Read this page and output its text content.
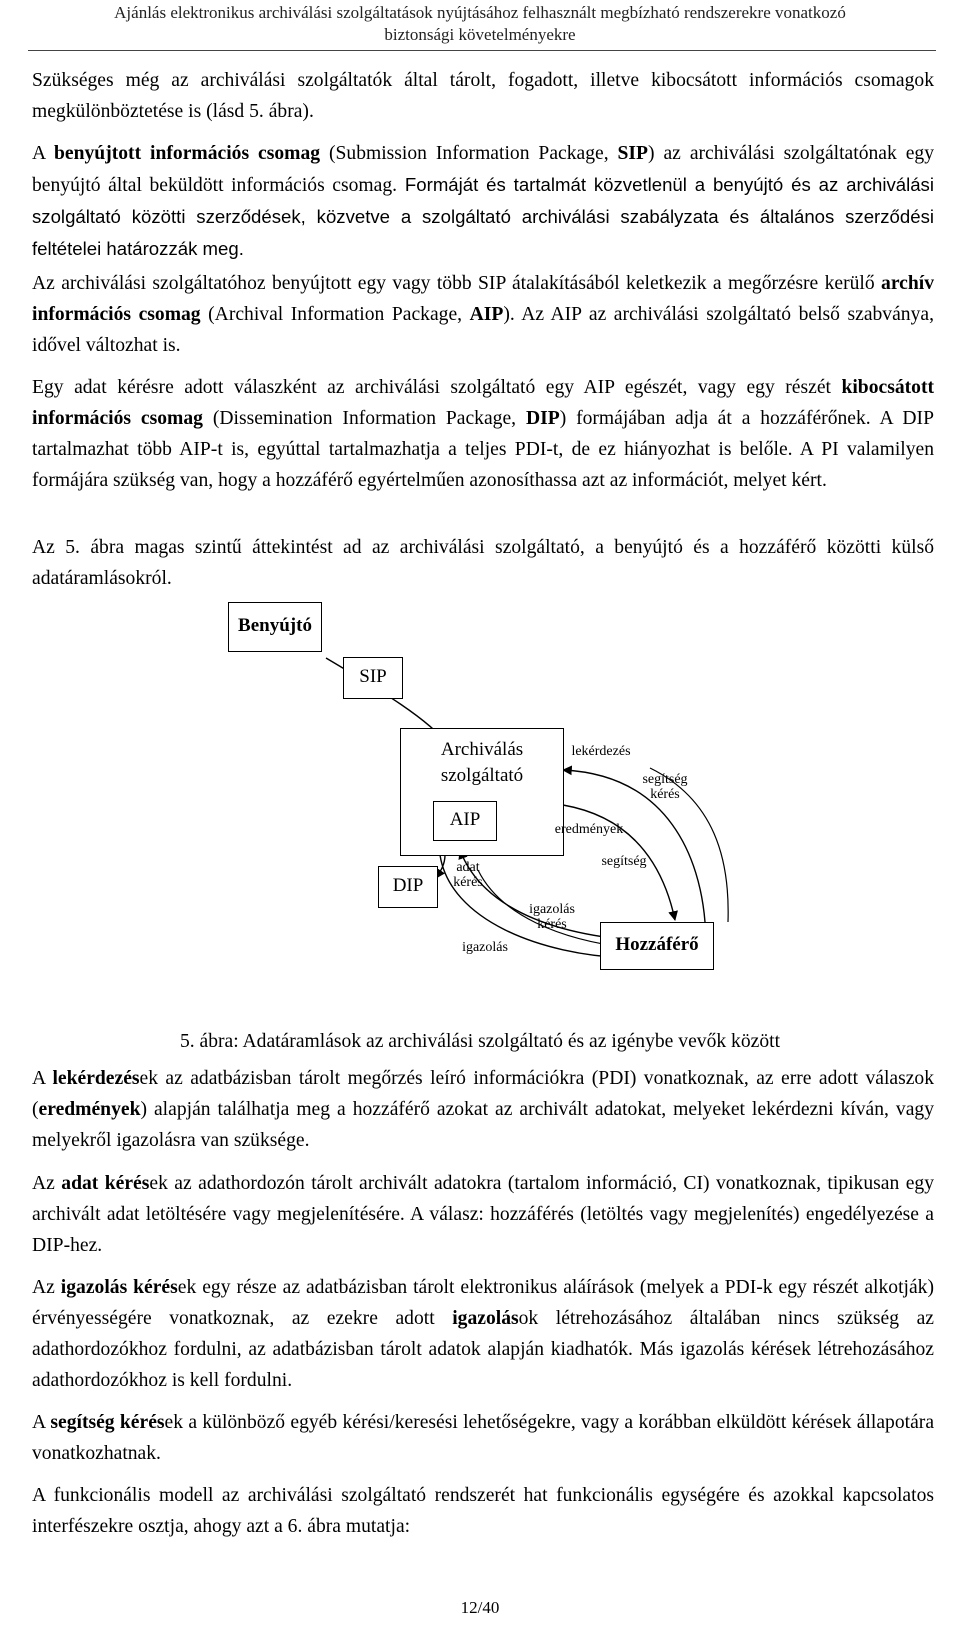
Ajánlás elektronikus archiválási szolgáltatások nyújtásához felhasznált megbízható rendszerekre vonatkozó
biztonsági követelményekre

Szükséges még az archiválási szolgáltatók által tárolt, fogadott, illetve kibocsátott információs csomagok megkülönböztetése is (lásd 5. ábra).

A benyújtott információs csomag (Submission Information Package, SIP) az archiválási szolgáltatónak egy benyújtó által beküldött információs csomag. Formáját és tartalmát közvetlenül a benyújtó és az archiválási szolgáltató közötti szerződések, közvetve a szolgáltató archiválási szabályzata és általános szerződési feltételei határozzák meg.

Az archiválási szolgáltatóhoz benyújtott egy vagy több SIP átalakításából keletkezik a megőrzésre kerülő archív információs csomag (Archival Information Package, AIP). Az AIP az archiválási szolgáltató belső szabványa, idővel változhat is.

Egy adat kérésre adott válaszként az archiválási szolgáltató egy AIP egészét, vagy egy részét kibocsátott információs csomag (Dissemination Information Package, DIP) formájában adja át a hozzáférőnek. A DIP tartalmazhat több AIP-t is, egyúttal tartalmazhatja a teljes PDI-t, de ez hiányozhat is belőle. A PI valamilyen formájára szükség van, hogy a hozzáférő egyértelműen azonosíthassa azt az információt, melyet kért.

Az 5. ábra magas szintű áttekintést ad az archiválási szolgáltató, a benyújtó és a hozzáférő közötti külső adatáramlásokról.

Benyújtó
SIP
Archiválás
szolgáltató
AIP
DIP
Hozzáférő
lekérdezés
segítség
kérés
eredmények
segítség
adat
kérés
igazolás
kérés
igazolás

5. ábra: Adatáramlások az archiválási szolgáltató és az igénybe vevők között

A lekérdezések az adatbázisban tárolt megőrzés leíró információkra (PDI) vonatkoznak, az erre adott válaszok (eredmények) alapján találhatja meg a hozzáférő azokat az archivált adatokat, melyeket lekérdezni kíván, vagy melyekről igazolásra van szüksége.

Az adat kérések az adathordozón tárolt archivált adatokra (tartalom információ, CI) vonatkoznak, tipikusan egy archivált adat letöltésére vagy megjelenítésére. A válasz: hozzáférés (letöltés vagy megjelenítés) engedélyezése a DIP-hez.

Az igazolás kérések egy része az adatbázisban tárolt elektronikus aláírások (melyek a PDI-k egy részét alkotják) érvényességére vonatkoznak, az ezekre adott igazolások létrehozásához általában nincs szükség az adathordozókhoz fordulni, az adatbázisban tárolt adatok alapján kiadhatók. Más igazolás kérések létrehozásához adathordozókhoz is kell fordulni.

A segítség kérések a különböző egyéb kérési/keresési lehetőségekre, vagy a korábban elküldött kérések állapotára vonatkozhatnak.

A funkcionális modell az archiválási szolgáltató rendszerét hat funkcionális egységére és azokkal kapcsolatos interfészekre osztja, ahogy azt a 6. ábra mutatja:

12/40
